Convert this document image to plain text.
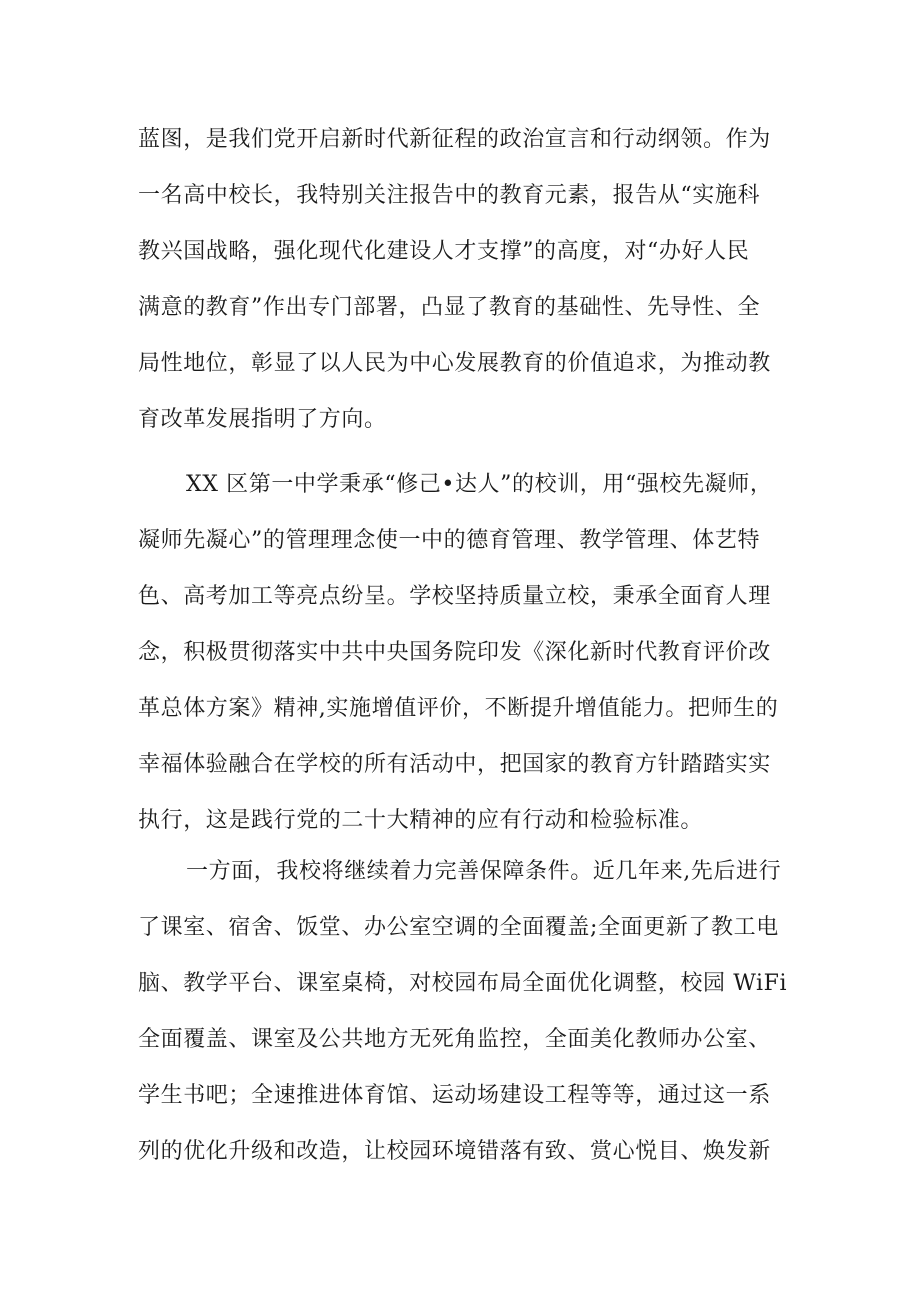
蓝图，是我们党开启新时代新征程的政治宣言和行动纲领。作为
一名高中校长，我特别关注报告中的教育元素，报告从“实施科
教兴国战略，强化现代化建设人才支撑”的高度，对“办好人民
满意的教育”作出专门部署，凸显了教育的基础性、先导性、全
局性地位，彰显了以人民为中心发展教育的价值追求，为推动教
育改革发展指明了方向。
XX 区第一中学秉承“修己•达人”的校训，用“强校先凝师，
凝师先凝心”的管理理念使一中的德育管理、教学管理、体艺特
色、高考加工等亮点纷呈。学校坚持质量立校，秉承全面育人理
念，积极贯彻落实中共中央国务院印发《深化新时代教育评价改
革总体方案》精神,实施增值评价，不断提升增值能力。把师生的
幸福体验融合在学校的所有活动中，把国家的教育方针踏踏实实
执行，这是践行党的二十大精神的应有行动和检验标准。
一方面，我校将继续着力完善保障条件。近几年来,先后进行
了课室、宿舍、饭堂、办公室空调的全面覆盖;全面更新了教工电
脑、教学平台、课室桌椅，对校园布局全面优化调整，校园 WiFi
全面覆盖、课室及公共地方无死角监控，全面美化教师办公室、
学生书吧；全速推进体育馆、运动场建设工程等等，通过这一系
列的优化升级和改造，让校园环境错落有致、赏心悦目、焕发新
